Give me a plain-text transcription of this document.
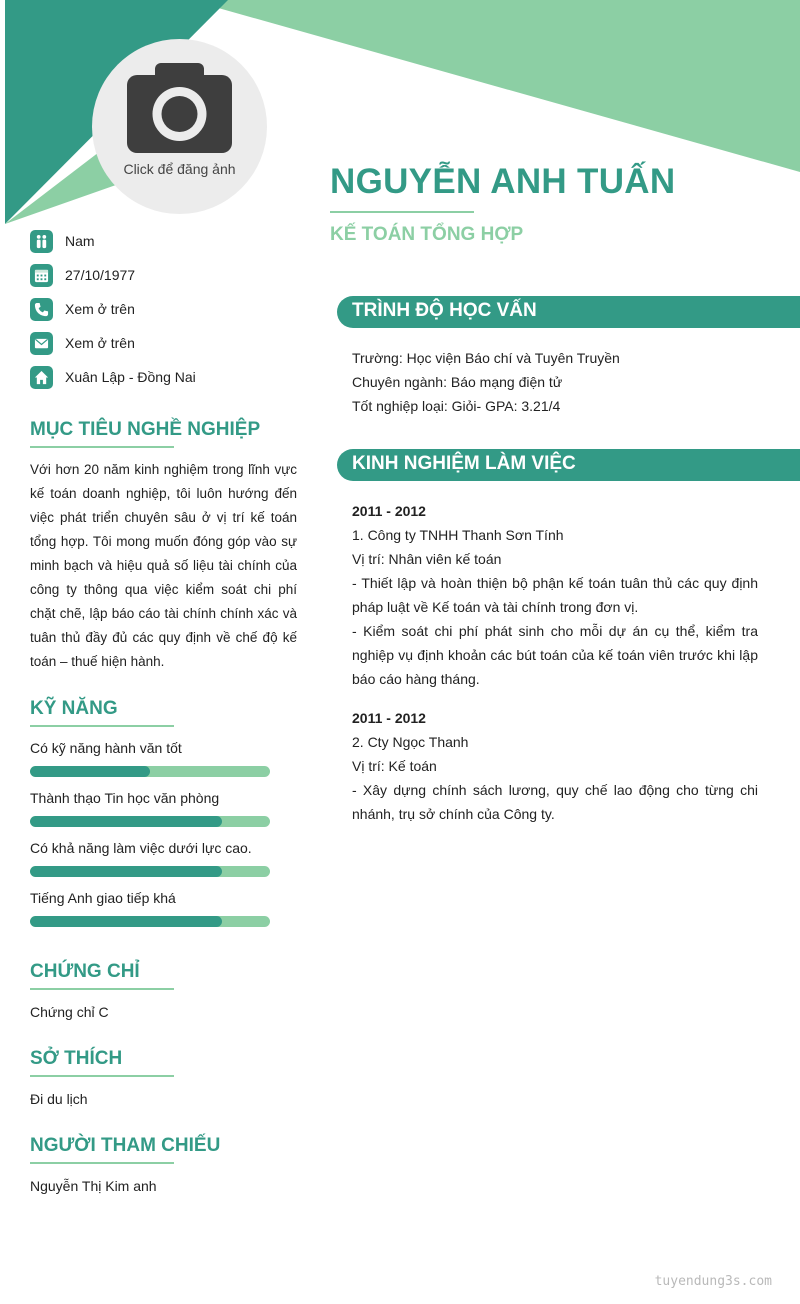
Click để đăng ảnh	NGUYỄN ANH TUẤN
KẾ TOÁN TỔNG HỢP
Nam
27/10/1977
Xem ở trên
Xem ở trên
Xuân Lập - Đồng Nai
MỤC TIÊU NGHỀ NGHIỆP
Với hơn 20 năm kinh nghiệm trong lĩnh vực kế toán doanh nghiệp, tôi luôn hướng đến việc phát triển chuyên sâu ở vị trí kế toán tổng hợp. Tôi mong muốn đóng góp vào sự minh bạch và hiệu quả số liệu tài chính của công ty thông qua việc kiểm soát chi phí chặt chẽ, lập báo cáo tài chính chính xác và tuân thủ đầy đủ các quy định về chế độ kế toán – thuế hiện hành.
KỸ NĂNG
Có kỹ năng hành văn tốt
Thành thạo Tin học văn phòng
Có khả năng làm việc dưới lực cao.
Tiếng Anh giao tiếp khá
CHỨNG CHỈ
Chứng chỉ C
SỞ THÍCH
Đi du lịch
NGƯỜI THAM CHIẾU
Nguyễn Thị Kim anh
TRÌNH ĐỘ HỌC VẤN
Trường: Học viện Báo chí và Tuyên Truyền
Chuyên ngành: Báo mạng điện tử
Tốt nghiệp loại: Giỏi- GPA: 3.21/4
KINH NGHIỆM LÀM VIỆC
2011 - 2012
1. Công ty TNHH Thanh Sơn Tính
Vị trí: Nhân viên kế toán
- Thiết lập và hoàn thiện bộ phận kế toán tuân thủ các quy định pháp luật về Kế toán và tài chính trong đơn vị.
- Kiểm soát chi phí phát sinh cho mỗi dự án cụ thể, kiểm tra nghiệp vụ định khoản các bút toán của kế toán viên trước khi lập báo cáo hàng tháng.
2011 - 2012
2. Cty Ngọc Thanh
Vị trí: Kế toán
- Xây dựng chính sách lương, quy chế lao động cho từng chi nhánh, trụ sở chính của Công ty.
tuyendung3s.com
